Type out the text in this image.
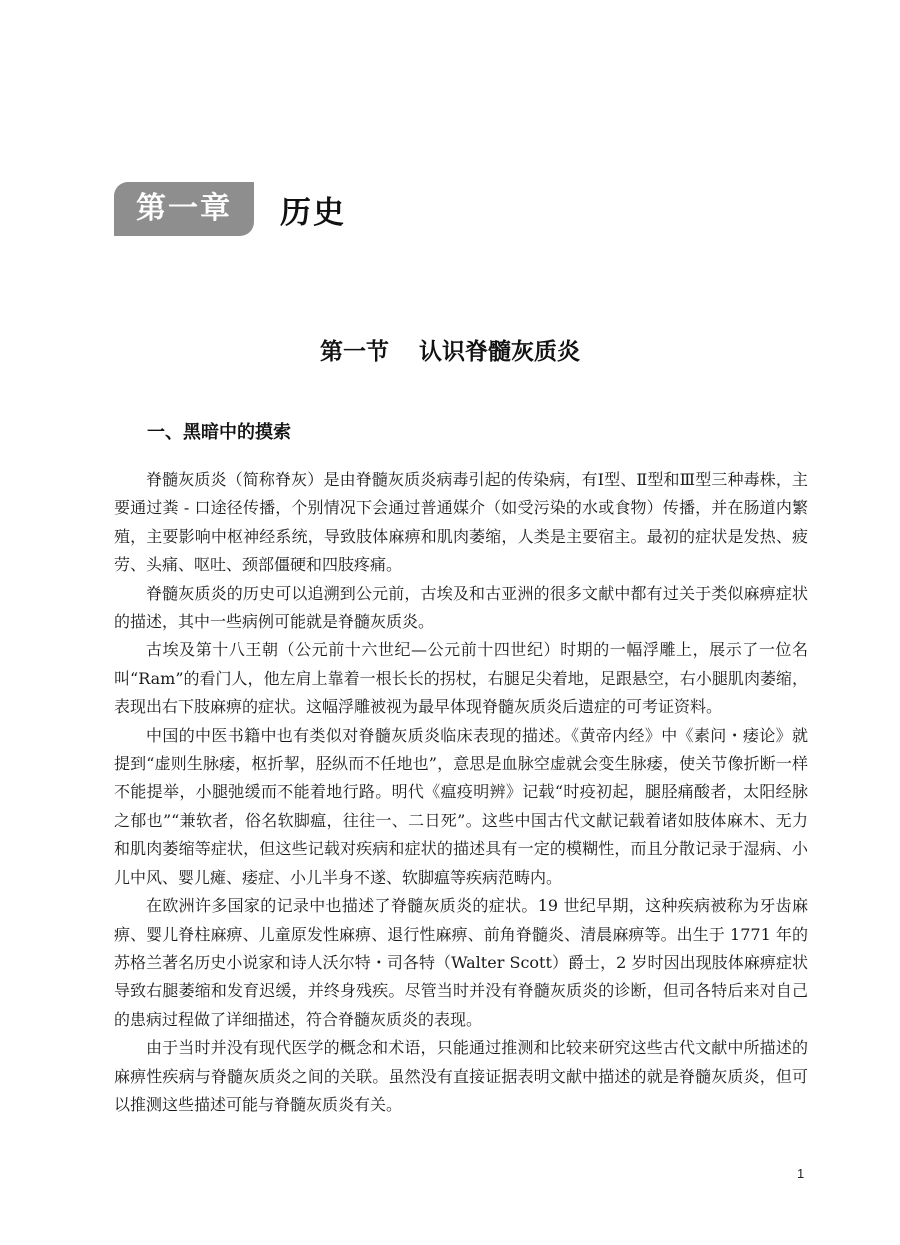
第一章	历史
第一节 认识脊髓灰质炎
一、黑暗中的摸索

脊髓灰质炎（简称脊灰）是由脊髓灰质炎病毒引起的传染病，有Ⅰ型、Ⅱ型和Ⅲ型三种毒株，主要通过粪 - 口途径传播，个别情况下会通过普通媒介（如受污染的水或食物）传播，并在肠道内繁殖，主要影响中枢神经系统，导致肢体麻痹和肌肉萎缩，人类是主要宿主。最初的症状是发热、疲劳、头痛、呕吐、颈部僵硬和四肢疼痛。

脊髓灰质炎的历史可以追溯到公元前，古埃及和古亚洲的很多文献中都有过关于类似麻痹症状的描述，其中一些病例可能就是脊髓灰质炎。

古埃及第十八王朝（公元前十六世纪—公元前十四世纪）时期的一幅浮雕上，展示了一位名叫“Ram”的看门人，他左肩上靠着一根长长的拐杖，右腿足尖着地，足跟悬空，右小腿肌肉萎缩，表现出右下肢麻痹的症状。这幅浮雕被视为最早体现脊髓灰质炎后遗症的可考证资料。

中国的中医书籍中也有类似对脊髓灰质炎临床表现的描述。《黄帝内经》中《素问・痿论》就提到“虚则生脉痿，枢折挈，胫纵而不任地也”，意思是血脉空虚就会变生脉痿，使关节像折断一样不能提举，小腿弛缓而不能着地行路。明代《瘟疫明辨》记载“时疫初起，腿胫痛酸者，太阳经脉之郁也”“兼软者，俗名软脚瘟，往往一、二日死”。这些中国古代文献记载着诸如肢体麻木、无力和肌肉萎缩等症状，但这些记载对疾病和症状的描述具有一定的模糊性，而且分散记录于湿病、小儿中风、婴儿瘫、痿症、小儿半身不遂、软脚瘟等疾病范畴内。

在欧洲许多国家的记录中也描述了脊髓灰质炎的症状。19 世纪早期，这种疾病被称为牙齿麻痹、婴儿脊柱麻痹、儿童原发性麻痹、退行性麻痹、前角脊髓炎、清晨麻痹等。出生于 1771 年的苏格兰著名历史小说家和诗人沃尔特・司各特（Walter Scott）爵士，2 岁时因出现肢体麻痹症状导致右腿萎缩和发育迟缓，并终身残疾。尽管当时并没有脊髓灰质炎的诊断，但司各特后来对自己的患病过程做了详细描述，符合脊髓灰质炎的表现。

由于当时并没有现代医学的概念和术语，只能通过推测和比较来研究这些古代文献中所描述的麻痹性疾病与脊髓灰质炎之间的关联。虽然没有直接证据表明文献中描述的就是脊髓灰质炎，但可以推测这些描述可能与脊髓灰质炎有关。

1
